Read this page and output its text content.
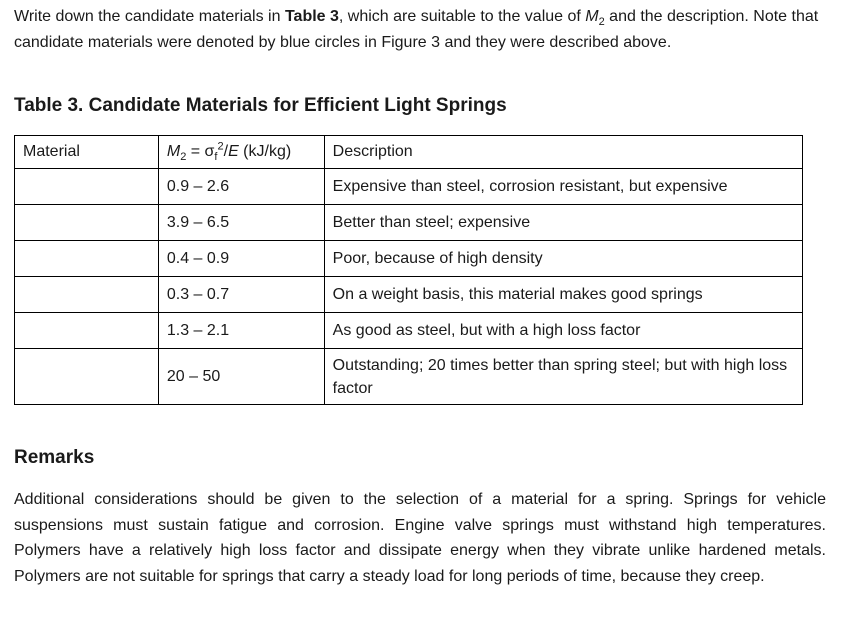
Write down the candidate materials in Table 3, which are suitable to the value of $M_2$ and the description. Note that candidate materials were denoted by blue circles in Figure 3 and they were described above.

Table 3. Candidate Materials for Efficient Light Springs
Material	$M_2 = \sigma_f^2/E$ (kJ/kg)	Description
	0.9 – 2.6	Expensive than steel, corrosion resistant, but expensive
	3.9 – 6.5	Better than steel; expensive
	0.4 – 0.9	Poor, because of high density
	0.3 – 0.7	On a weight basis, this material makes good springs
	1.3 – 2.1	As good as steel, but with a high loss factor
	20 – 50	Outstanding; 20 times better than spring steel; but with high loss factor
Remarks

Additional considerations should be given to the selection of a material for a spring. Springs for vehicle suspensions must sustain fatigue and corrosion. Engine valve springs must withstand high temperatures. Polymers have a relatively high loss factor and dissipate energy when they vibrate unlike hardened metals. Polymers are not suitable for springs that carry a steady load for long periods of time, because they creep.
